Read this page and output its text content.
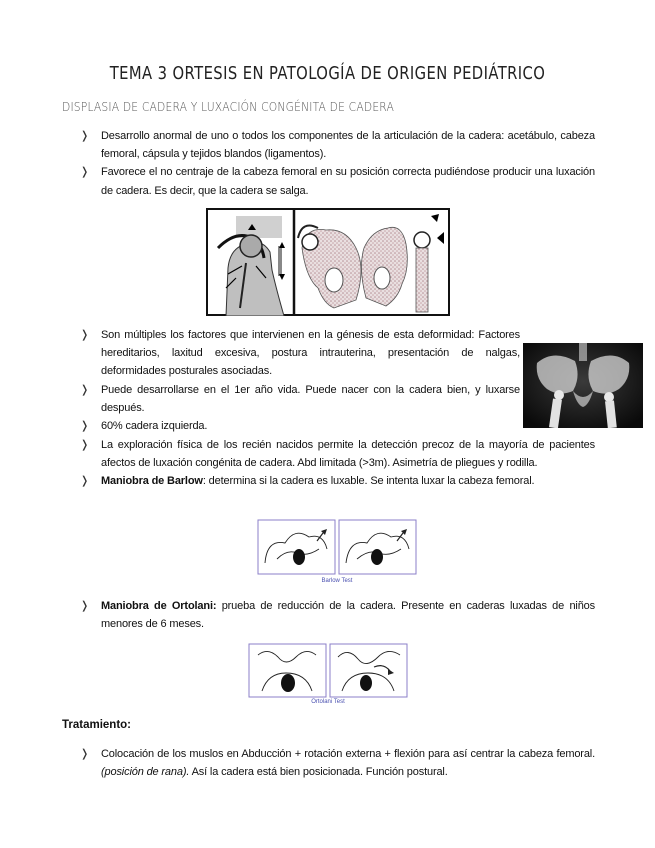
TEMA 3 ORTESIS EN PATOLOGÍA DE ORIGEN PEDIÁTRICO
DISPLASIA DE CADERA Y LUXACIÓN CONGÉNITA DE CADERA
❭ Desarrollo anormal de uno o todos los componentes de la articulación de la cadera: acetábulo, cabeza femoral, cápsula y tejidos blandos (ligamentos).
❭ Favorece el no centraje de la cabeza femoral en su posición correcta pudiéndose producir una luxación de cadera. Es decir, que la cadera se salga.
❭ Son múltiples los factores que intervienen en la génesis de esta deformidad: Factores hereditarios, laxitud excesiva, postura intrauterina, presentación de nalgas, deformidades posturales asociadas.
❭ Puede desarrollarse en el 1er año vida. Puede nacer con la cadera bien, y luxarse después.
❭ 60% cadera izquierda.
❭ La exploración física de los recién nacidos permite la detección precoz de la mayoría de pacientes afectos de luxación congénita de cadera. Abd limitada (>3m). Asimetría de pliegues y rodilla.
❭ Maniobra de Barlow: determina si la cadera es luxable. Se intenta luxar la cabeza femoral.
Barlow Test
❭ Maniobra de Ortolani: prueba de reducción de la cadera. Presente en caderas luxadas de niños menores de 6 meses.
Ortolani Test
Tratamiento:
❭ Colocación de los muslos en Abducción + rotación externa + flexión para así centrar la cabeza femoral. (posición de rana). Así la cadera está bien posicionada. Función postural.
